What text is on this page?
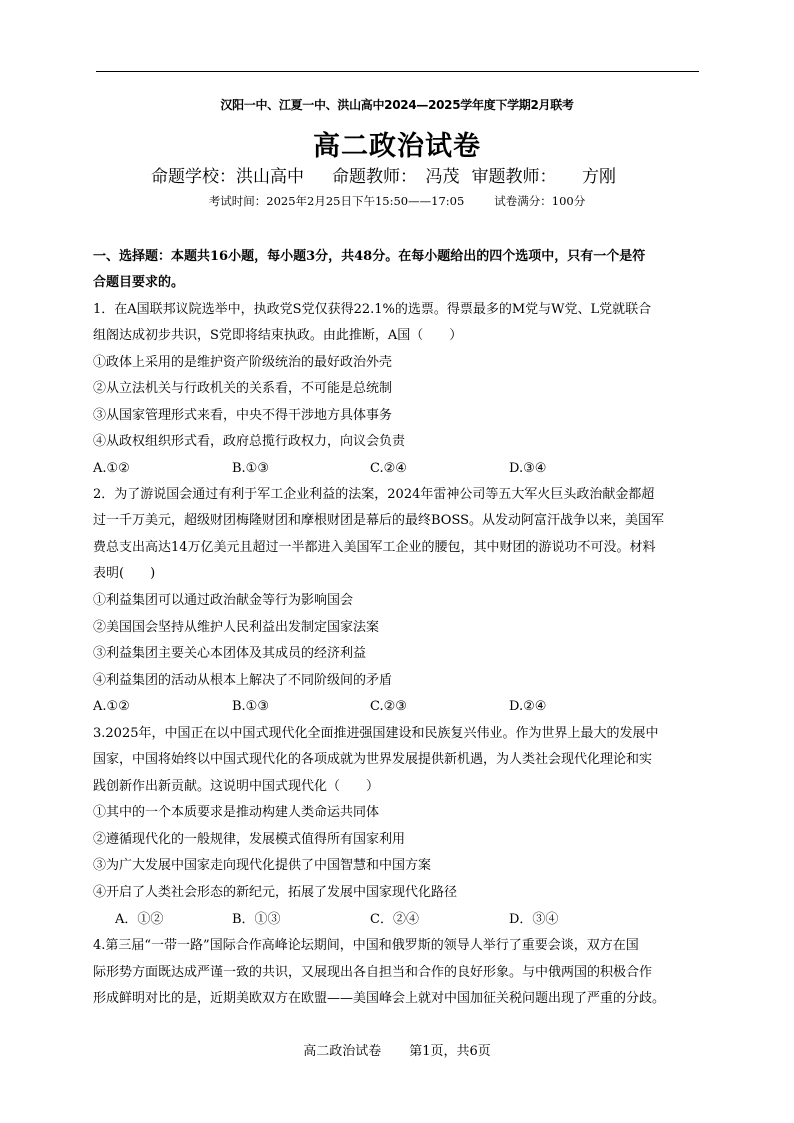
汉阳一中、江夏一中、洪山高中2024—2025学年度下学期2月联考
高二政治试卷
命题学校：洪山高中 命题教师：　冯茂 审题教师：　　方刚
考试时间：2025年2月25日下午15:50——17:05	试卷满分：100分
一、选择题：本题共16小题，每小题3分，共48分。在每小题给出的四个选项中，只有一个是符
合题目要求的。
1．在A国联邦议院选举中，执政党S党仅获得22.1%的选票。得票最多的M党与W党、L党就联合
组阁达成初步共识，S党即将结束执政。由此推断，A国（　　）
①政体上采用的是维护资产阶级统治的最好政治外壳
②从立法机关与行政机关的关系看，不可能是总统制
③从国家管理形式来看，中央不得干涉地方具体事务
④从政权组织形式看，政府总揽行政权力，向议会负责
A.①②	B.①③	C.②④	D.③④
2．为了游说国会通过有利于军工企业利益的法案，2024年雷神公司等五大军火巨头政治献金都超
过一千万美元，超级财团梅隆财团和摩根财团是幕后的最终BOSS。从发动阿富汗战争以来，美国军
费总支出高达14万亿美元且超过一半都进入美国军工企业的腰包，其中财团的游说功不可没。材料
表明(　　)
①利益集团可以通过政治献金等行为影响国会
②美国国会坚持从维护人民利益出发制定国家法案
③利益集团主要关心本团体及其成员的经济利益
④利益集团的活动从根本上解决了不同阶级间的矛盾
A.①②	B.①③	C.②③	D.②④
3.2025年，中国正在以中国式现代化全面推进强国建设和民族复兴伟业。作为世界上最大的发展中
国家，中国将始终以中国式现代化的各项成就为世界发展提供新机遇，为人类社会现代化理论和实
践创新作出新贡献。这说明中国式现代化（　　）
①其中的一个本质要求是推动构建人类命运共同体
②遵循现代化的一般规律，发展模式值得所有国家利用
③为广大发展中国家走向现代化提供了中国智慧和中国方案
④开启了人类社会形态的新纪元，拓展了发展中国家现代化路径
A．①②	B．①③	C．②④	D．③④
4.第三届“一带一路”国际合作高峰论坛期间，中国和俄罗斯的领导人举行了重要会谈，双方在国
际形势方面既达成严谨一致的共识，又展现出各自担当和合作的良好形象。与中俄两国的积极合作
形成鲜明对比的是，近期美欧双方在欧盟——美国峰会上就对中国加征关税问题出现了严重的分歧。
高二政治试卷 第1页，共6页
